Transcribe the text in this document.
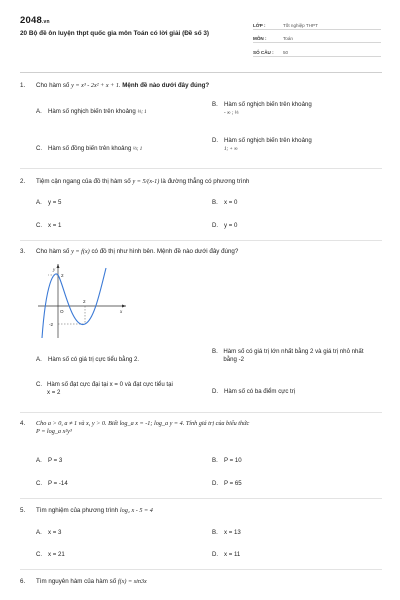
2048.vn
20 Bộ đề ôn luyện thpt quốc gia môn Toán có lời giải (Đề số 3)
LỚP :	Tốt nghiệp THPT
MÔN :	Toán
SỐ CÂU :	50
1.	Cho hàm số y = x³ - 2x² + x + 1. Mệnh đề nào dưới đây đúng?
A.	Hàm số nghịch biến trên khoảng ⅓; 1
B.	Hàm số nghịch biến trên khoảng
- ∞ ; ⅓
C. Hàm số đồng biến trên khoảng ⅓; 1
D. Hàm số nghịch biến trên khoảng
1; + ∞
2.	Tiệm cận ngang của đồ thị hàm số y = 5/(x-1) là đường thẳng có phương trình
A.	y = 5	B.	x = 0
C. x = 1	D. y = 0
3.	Cho hàm số y = f(x) có đồ thị như hình bên. Mệnh đề nào dưới đây đúng?
y
x
O
2
2
-2
A.	Hàm số có giá trị cực tiểu bằng 2.
B. Hàm số có giá trị lớn nhất bằng 2 và giá trị nhỏ nhất bằng -2
C. Hàm số đạt cực đại tại x = 0 và đạt cực tiểu tại x = 2	D. Hàm số có ba điểm cực trị
4.	Cho a > 0, a ≠ 1 và x, y > 0. Biết log_a x = -1; log_a y = 4. Tính giá trị của biểu thức
P = log_a x²y³
A.	P = 3	B.	P = 10
C. P = -14	D. P = 65
5.	Tìm nghiệm của phương trình log₂ x - 5 = 4
A.	x = 3	B.	x = 13
C. x = 21	D. x = 11
6.	Tìm nguyên hàm của hàm số f(x) = sin3x
